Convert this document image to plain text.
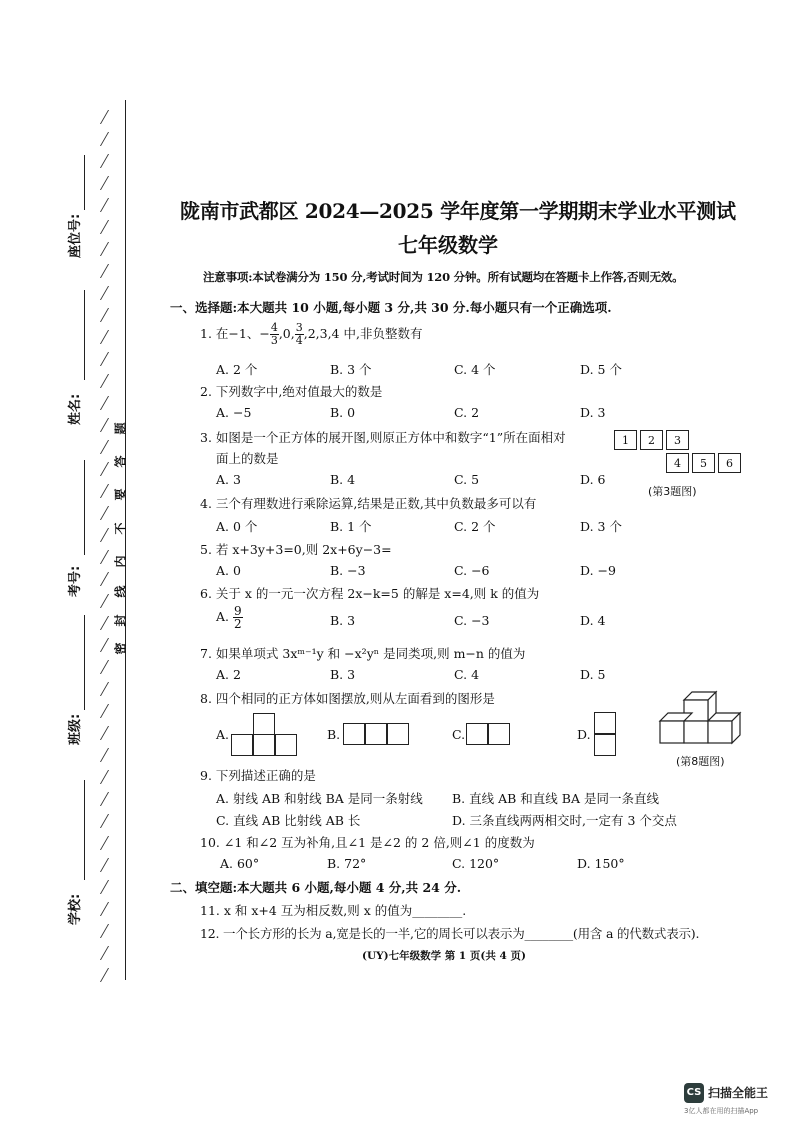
座位号:
姓名:
考号:
班级:
学校:
密
封
线
内
不
要
答
题
陇南市武都区 2024—2025 学年度第一学期期末学业水平测试
七年级数学
注意事项:本试卷满分为 150 分,考试时间为 120 分钟。所有试题均在答题卡上作答,否则无效。
一、选择题:本大题共 10 小题,每小题 3 分,共 30 分.每小题只有一个正确选项.
1. 在−1、− $\frac{4}{3} ,0$, $\frac{3}{4} ,2,3,4$ 中,非负整数有
A. 2 个	B. 3 个	C. 4 个	D. 5 个
2. 下列数字中,绝对值最大的数是
A. −5	B. 0	C. 2	D. 3
3. 如图是一个正方体的展开图,则原正方体中和数字“1”所在面相对
面上的数是
A. 3	B. 4	C. 5	D. 6
1	2	3
4	5	6
(第3题图)
4. 三个有理数进行乘除运算,结果是正数,其中负数最多可以有
A. 0 个	B. 1 个	C. 2 个	D. 3 个
5. 若 x+3y+3=0,则 2x+6y−3=
A. 0	B. −3	C. −6	D. −9
6. 关于 x 的一元一次方程 2x−k=5 的解是 x=4,则 k 的值为
A. $\frac{9}{2}$	B. 3	C. −3	D. 4
7. 如果单项式 3xᵐ⁻¹y 和 −x²yⁿ 是同类项,则 m−n 的值为
A. 2	B. 3	C. 4	D. 5
8. 四个相同的正方体如图摆放,则从左面看到的图形是
A.	B.	C.	D.
(第8题图)
9. 下列描述正确的是
A. 射线 AB 和射线 BA 是同一条射线 B. 直线 AB 和直线 BA 是同一条直线
C. 直线 AB 比射线 AB 长	D. 三条直线两两相交时,一定有 3 个交点
10. ∠1 和∠2 互为补角,且∠1 是∠2 的 2 倍,则∠1 的度数为
A. 60°	B. 72°	C. 120°	D. 150°
二、填空题:本大题共 6 小题,每小题 4 分,共 24 分.
11. x 和 x+4 互为相反数,则 x 的值为________.
12. 一个长方形的长为 a,宽是长的一半,它的周长可以表示为________(用含 a 的代数式表示).
(UY)七年级数学 第 1 页(共 4 页)
CS 扫描全能王
3亿人都在用的扫描App
